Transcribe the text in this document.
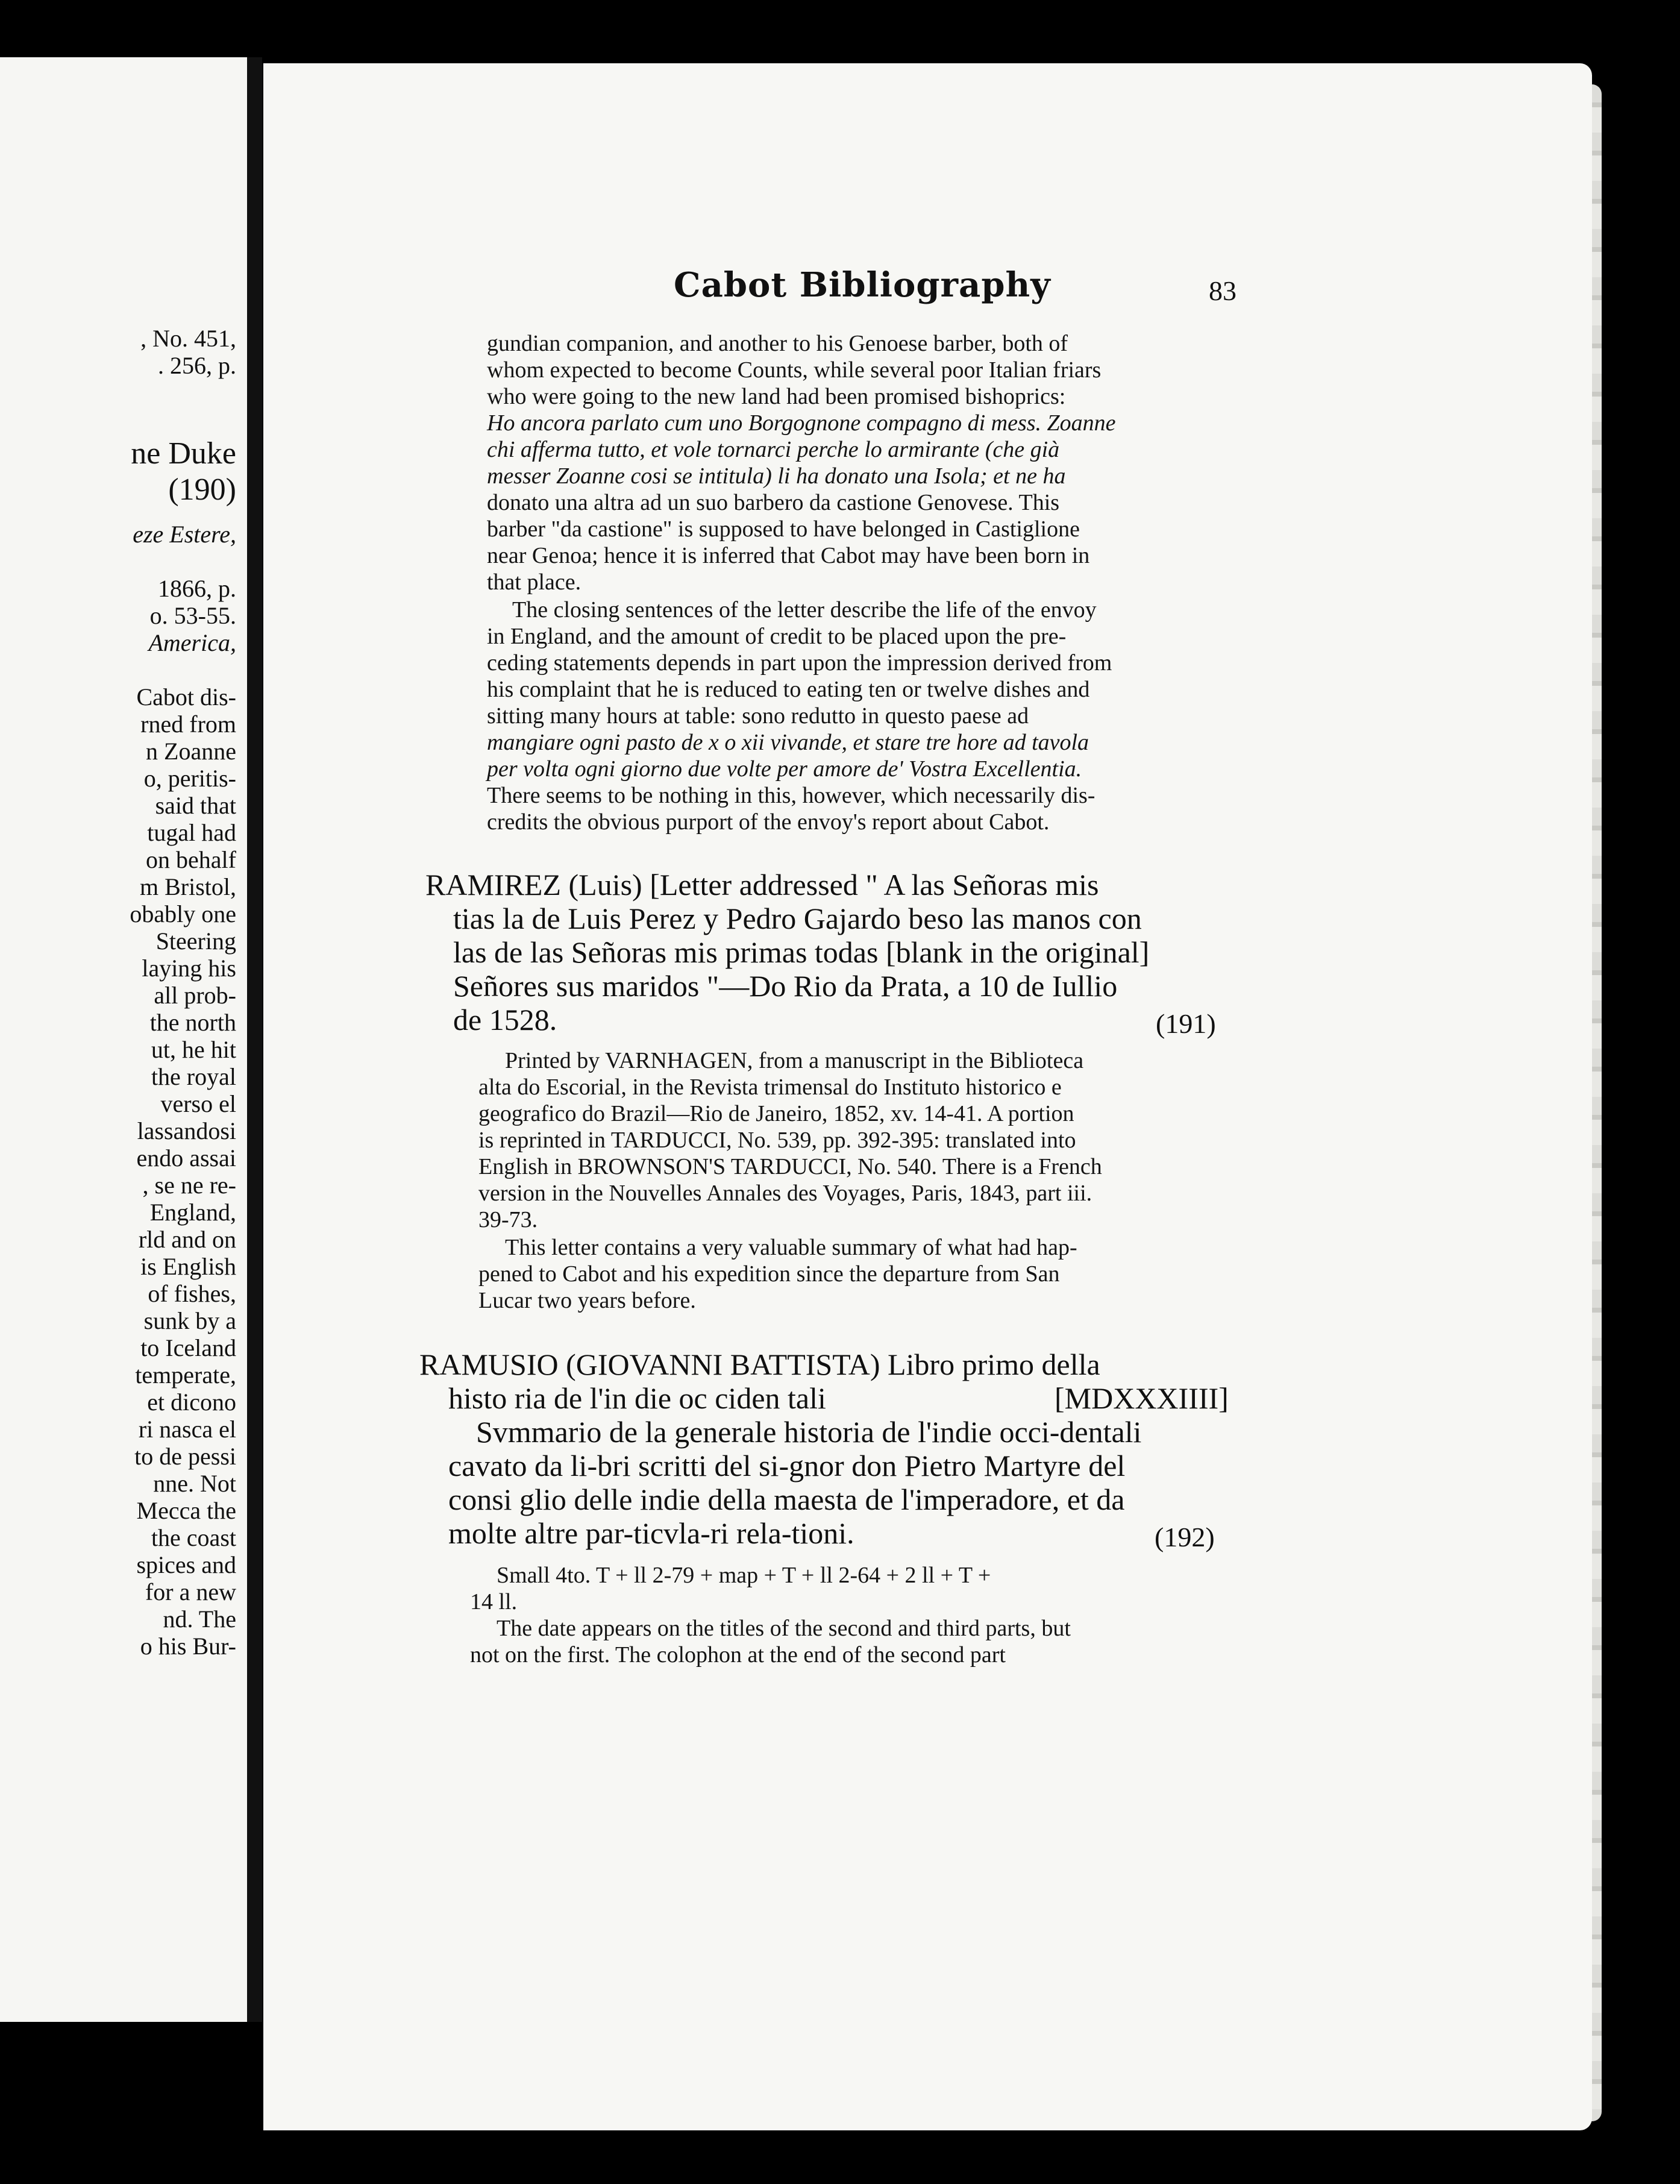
, No. 451,
. 256, p.
ne Duke
(190)
eze Estere,
1866, p.
o. 53-55.
America,
Cabot dis-
rned from
n Zoanne
o, peritis-
said that
tugal had
on behalf
m Bristol,
obably one
Steering
laying his
all prob-
the north
ut, he hit
the royal
verso el
lassandosi
endo assai
, se ne re-
England,
rld and on
is English
of fishes,
sunk by a
to Iceland
temperate,
et dicono
ri nasca el
to de pessi
nne. Not
Mecca the
the coast
spices and
for a new
nd. The
o his Bur-
Cabot Bibliography	83
gundian companion, and another to his Genoese barber, both of
whom expected to become Counts, while several poor Italian friars
who were going to the new land had been promised bishoprics:
Ho ancora parlato cum uno Borgognone compagno di mess. Zoanne
chi afferma tutto, et vole tornarci perche lo armirante (che già
messer Zoanne cosi se intitula) li ha donato una Isola; et ne ha
donato una altra ad un suo barbero da castione Genovese. This
barber "da castione" is supposed to have belonged in Castiglione
near Genoa; hence it is inferred that Cabot may have been born in
that place.
The closing sentences of the letter describe the life of the envoy
in England, and the amount of credit to be placed upon the pre-
ceding statements depends in part upon the impression derived from
his complaint that he is reduced to eating ten or twelve dishes and
sitting many hours at table: sono redutto in questo paese ad
mangiare ogni pasto de x o xii vivande, et stare tre hore ad tavola
per volta ogni giorno due volte per amore de' Vostra Excellentia.
There seems to be nothing in this, however, which necessarily dis-
credits the obvious purport of the envoy's report about Cabot.
RAMIREZ (Luis) [Letter addressed " A las Señoras mis
tias la de Luis Perez y Pedro Gajardo beso las manos con
las de las Señoras mis primas todas [blank in the original]
Señores sus maridos "—Do Rio da Prata, a 10 de Iullio
de 1528.	(191)
Printed by VARNHAGEN, from a manuscript in the Biblioteca
alta do Escorial, in the Revista trimensal do Instituto historico e
geografico do Brazil—Rio de Janeiro, 1852, xv. 14-41. A portion
is reprinted in TARDUCCI, No. 539, pp. 392-395: translated into
English in BROWNSON'S TARDUCCI, No. 540. There is a French
version in the Nouvelles Annales des Voyages, Paris, 1843, part iii.
39-73.
This letter contains a very valuable summary of what had hap-
pened to Cabot and his expedition since the departure from San
Lucar two years before.
RAMUSIO (GIOVANNI BATTISTA) Libro primo della
histo ria de l'in die oc ciden tali	[MDXXXIIII]
Svmmario de la generale historia de l'indie occi-dentali
cavato da li-bri scritti del si-gnor don Pietro Martyre del
consi glio delle indie della maesta de l'imperadore, et da
molte altre par-ticvla-ri rela-tioni.	(192)
Small 4to. T + ll 2-79 + map + T + ll 2-64 + 2 ll + T +
14 ll.
The date appears on the titles of the second and third parts, but
not on the first. The colophon at the end of the second part
